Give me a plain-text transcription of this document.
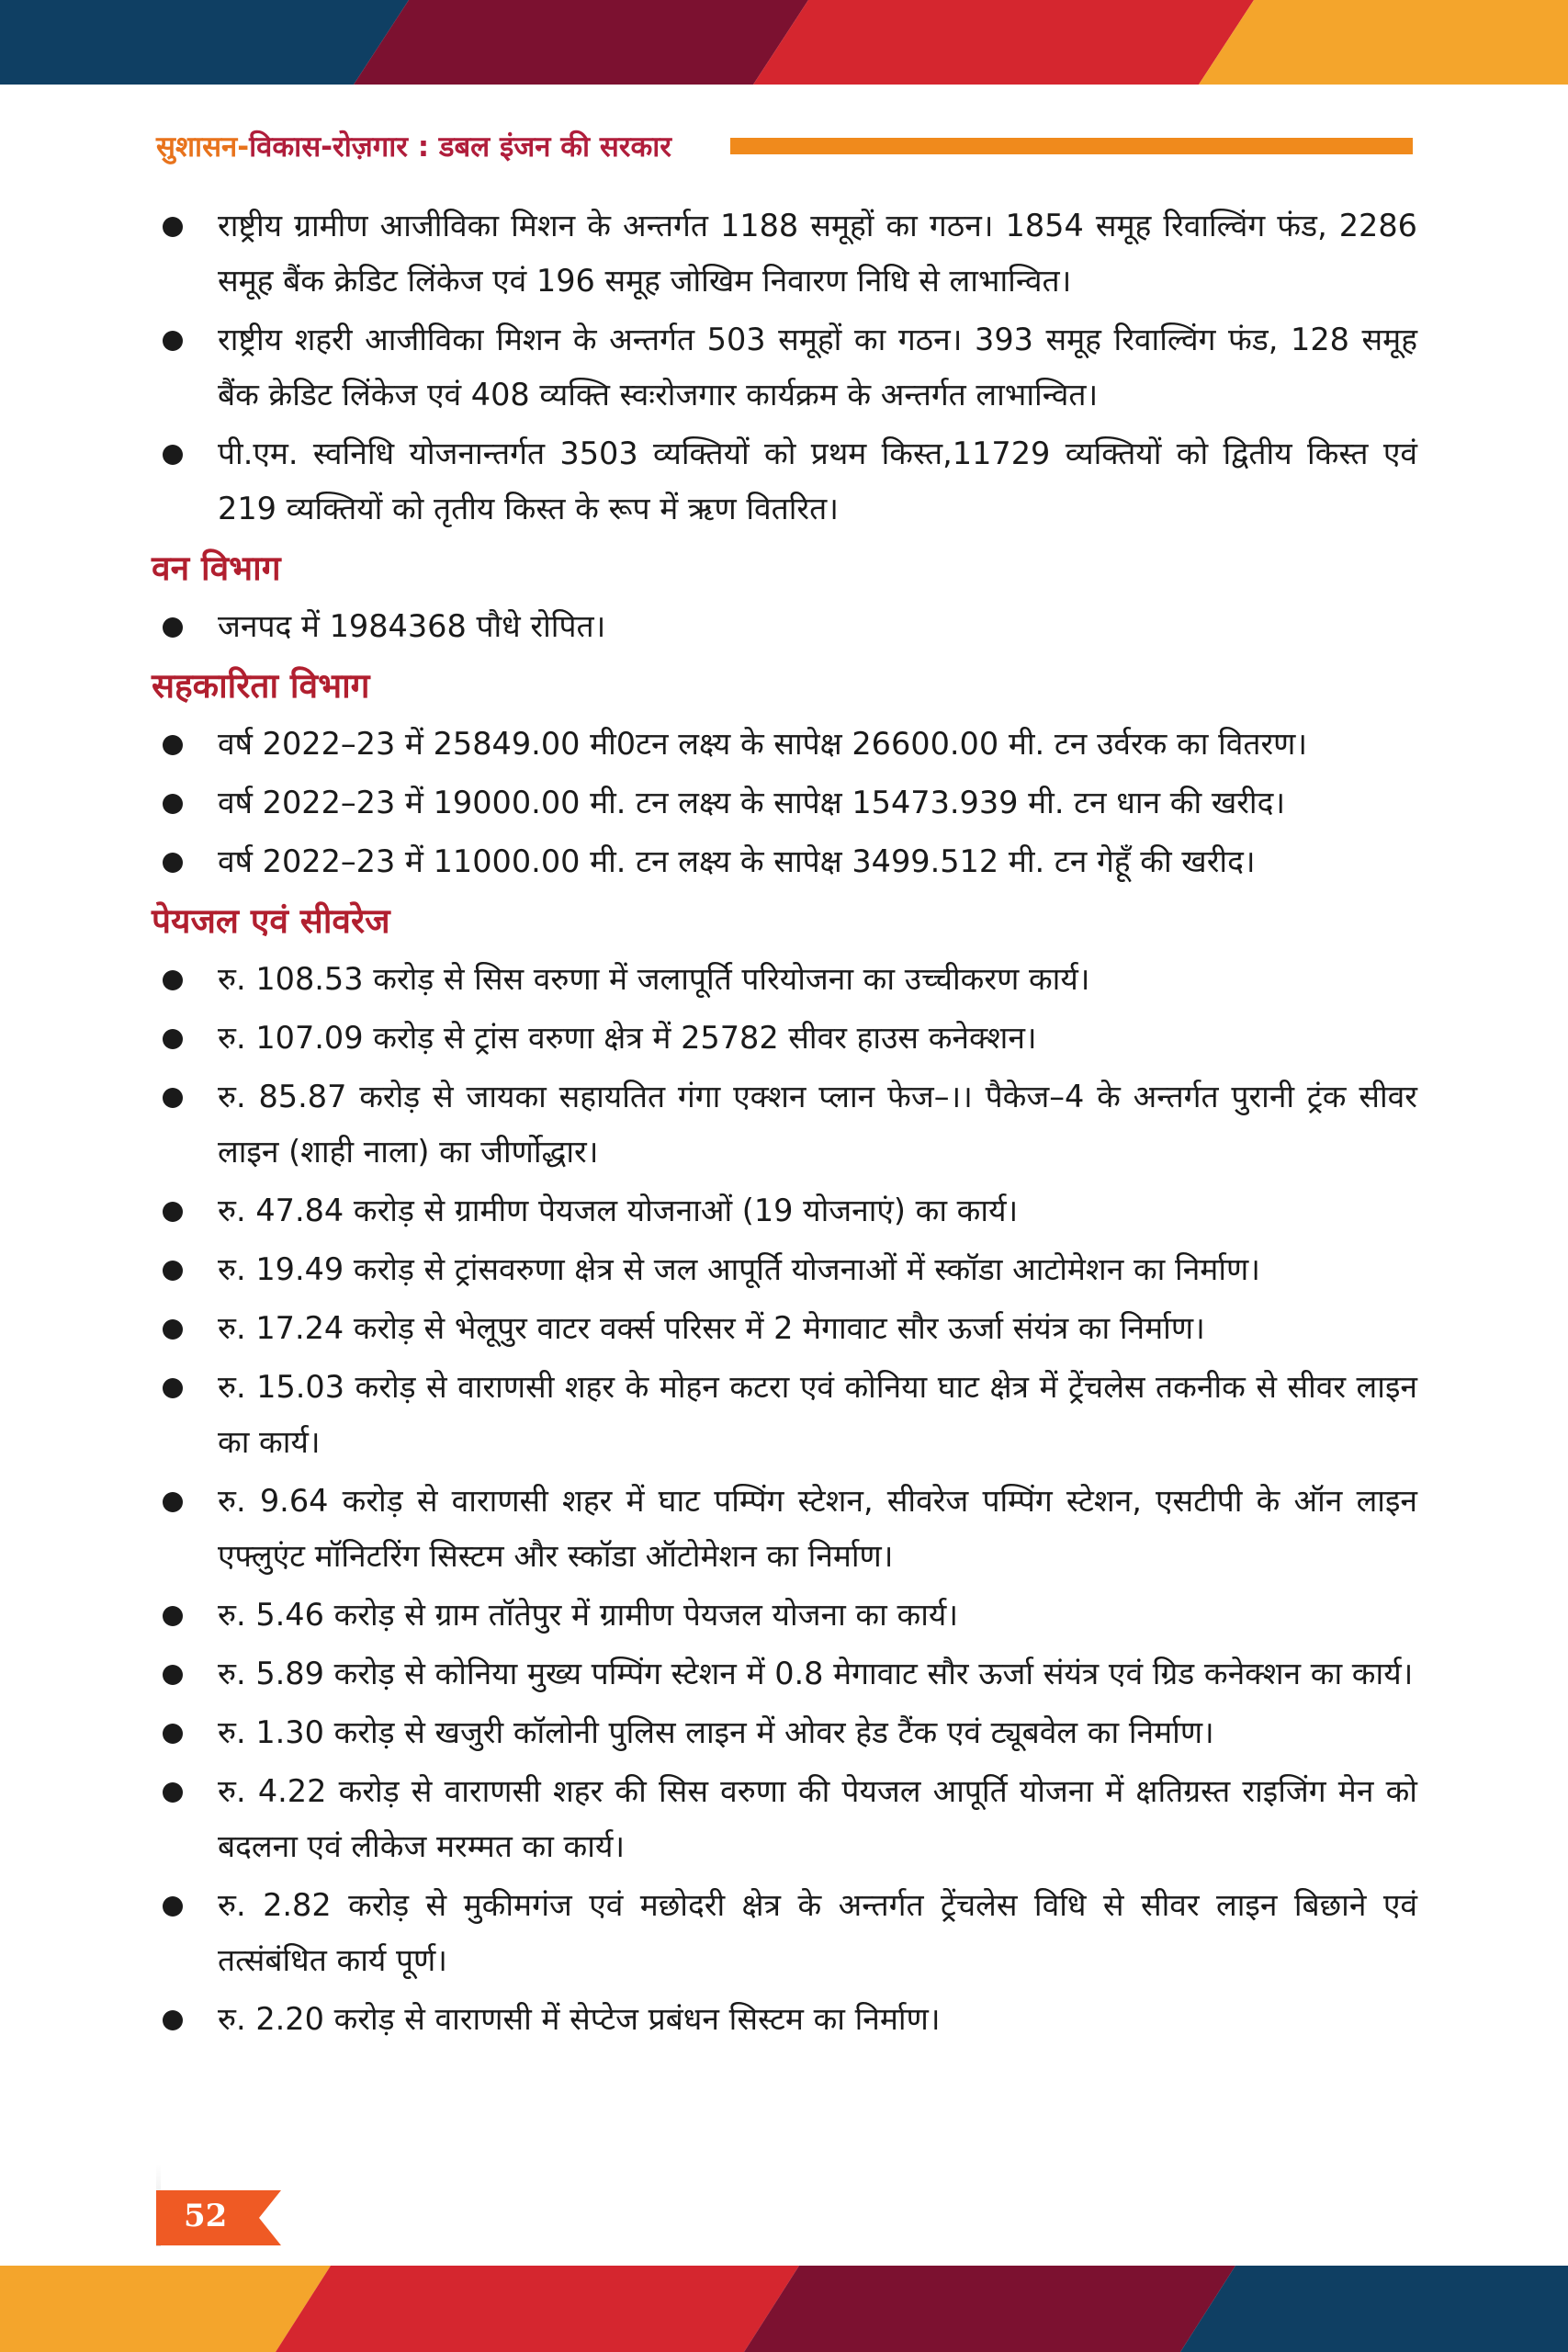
सुशासन-विकास-रोज़गार : डबल इंजन की सरकार
राष्ट्रीय ग्रामीण आजीविका मिशन के अन्तर्गत 1188 समूहों का गठन। 1854 समूह रिवाल्विंग फंड, 2286 समूह बैंक क्रेडिट लिंकेज एवं 196 समूह जोखिम निवारण निधि से लाभान्वित।
राष्ट्रीय शहरी आजीविका मिशन के अन्तर्गत 503 समूहों का गठन। 393 समूह रिवाल्विंग फंड, 128 समूह बैंक क्रेडिट लिंकेज एवं 408 व्यक्ति स्वःरोजगार कार्यक्रम के अन्तर्गत लाभान्वित।
पी.एम. स्वनिधि योजनान्तर्गत 3503 व्यक्तियों को प्रथम किस्त,11729 व्यक्तियों को द्वितीय किस्त एवं 219 व्यक्तियों को तृतीय किस्त के रूप में ऋण वितरित।
वन विभाग
जनपद में 1984368 पौधे रोपित।
सहकारिता विभाग
वर्ष 2022–23 में 25849.00 मी0टन लक्ष्य के सापेक्ष 26600.00 मी. टन उर्वरक का वितरण।
वर्ष 2022–23 में 19000.00 मी. टन लक्ष्य के सापेक्ष 15473.939 मी. टन धान की खरीद।
वर्ष 2022–23 में 11000.00 मी. टन लक्ष्य के सापेक्ष 3499.512 मी. टन गेहूँ की खरीद।
पेयजल एवं सीवरेज
रु. 108.53 करोड़ से सिस वरुणा में जलापूर्ति परियोजना का उच्चीकरण कार्य।
रु. 107.09 करोड़ से ट्रांस वरुणा क्षेत्र में 25782 सीवर हाउस कनेक्शन।
रु. 85.87 करोड़ से जायका सहायतित गंगा एक्शन प्लान फेज–।। पैकेज–4 के अन्तर्गत पुरानी ट्रंक सीवर लाइन (शाही नाला) का जीर्णोद्धार।
रु. 47.84 करोड़ से ग्रामीण पेयजल योजनाओं (19 योजनाएं) का कार्य।
रु. 19.49 करोड़ से ट्रांसवरुणा क्षेत्र से जल आपूर्ति योजनाओं में स्कॉडा आटोमेशन का निर्माण।
रु. 17.24 करोड़ से भेलूपुर वाटर वर्क्स परिसर में 2 मेगावाट सौर ऊर्जा संयंत्र का निर्माण।
रु. 15.03 करोड़ से वाराणसी शहर के मोहन कटरा एवं कोनिया घाट क्षेत्र में ट्रेंचलेस तकनीक से सीवर लाइन का कार्य।
रु. 9.64 करोड़ से वाराणसी शहर में घाट पम्पिंग स्टेशन, सीवरेज पम्पिंग स्टेशन, एसटीपी के ऑन लाइन एफ्लुएंट मॉनिटरिंग सिस्टम और स्कॉडा ऑटोमेशन का निर्माण।
रु. 5.46 करोड़ से ग्राम तॉतेपुर में ग्रामीण पेयजल योजना का कार्य।
रु. 5.89 करोड़ से कोनिया मुख्य पम्पिंग स्टेशन में 0.8 मेगावाट सौर ऊर्जा संयंत्र एवं ग्रिड कनेक्शन का कार्य।
रु. 1.30 करोड़ से खजुरी कॉलोनी पुलिस लाइन में ओवर हेड टैंक एवं ट्यूबवेल का निर्माण।
रु. 4.22 करोड़ से वाराणसी शहर की सिस वरुणा की पेयजल आपूर्ति योजना में क्षतिग्रस्त राइजिंग मेन को बदलना एवं लीकेज मरम्मत का कार्य।
रु. 2.82 करोड़ से मुकीमगंज एवं मछोदरी क्षेत्र के अन्तर्गत ट्रेंचलेस विधि से सीवर लाइन बिछाने एवं तत्संबंधित कार्य पूर्ण।
रु. 2.20 करोड़ से वाराणसी में सेप्टेज प्रबंधन सिस्टम का निर्माण।
52
